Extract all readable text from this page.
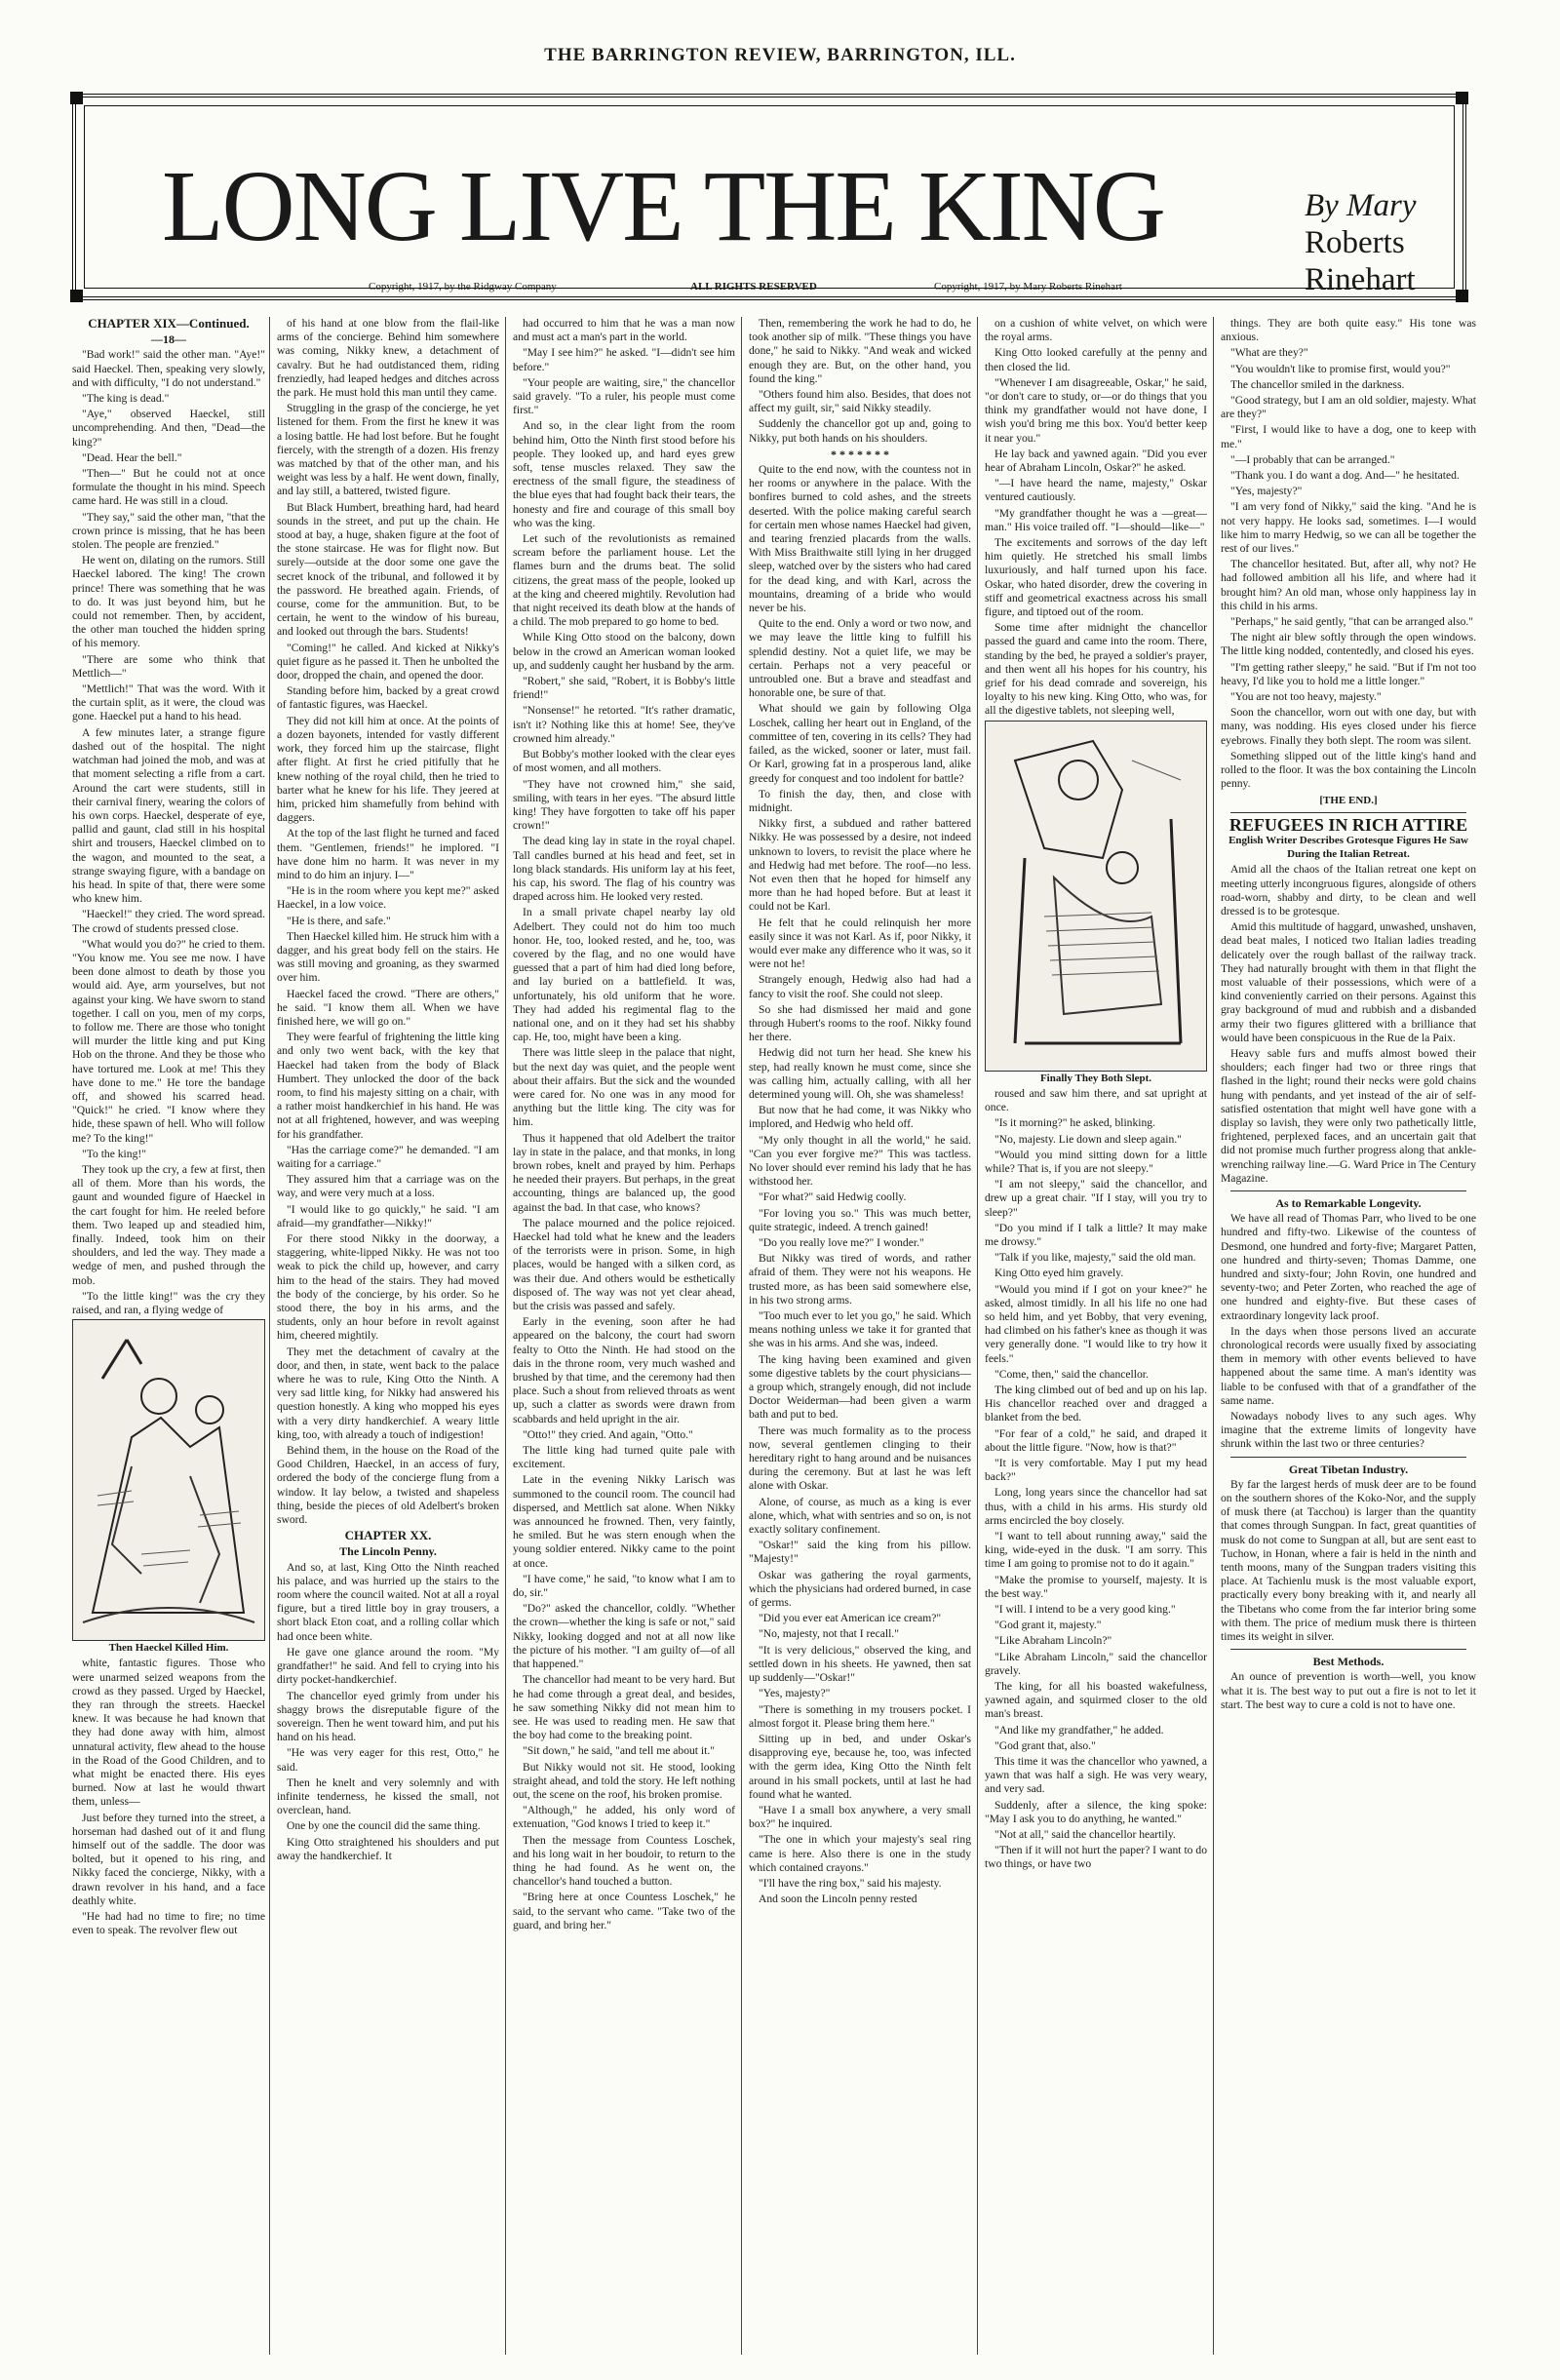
THE BARRINGTON REVIEW, BARRINGTON, ILL.
LONG LIVE THE KING	By Mary
Roberts Rinehart
Copyright, 1917, by the Ridgway Company	ALL RIGHTS RESERVED	Copyright, 1917, by Mary Roberts Rinehart

CHAPTER XIX—Continued.

—18—

"Bad work!" said the other man. "Aye!" said Haeckel. Then, speaking very slowly, and with difficulty, "I do not understand."

"The king is dead."

"Aye," observed Haeckel, still uncomprehending. And then, "Dead—the king?"

"Dead. Hear the bell."

"Then—" But he could not at once formulate the thought in his mind. Speech came hard. He was still in a cloud.

"They say," said the other man, "that the crown prince is missing, that he has been stolen. The people are frenzied."

He went on, dilating on the rumors. Still Haeckel labored. The king! The crown prince! There was something that he was to do. It was just beyond him, but he could not remember. Then, by accident, the other man touched the hidden spring of his memory.

"There are some who think that Mettlich—"

"Mettlich!" That was the word. With it the curtain split, as it were, the cloud was gone. Haeckel put a hand to his head.

A few minutes later, a strange figure dashed out of the hospital. The night watchman had joined the mob, and was at that moment selecting a rifle from a cart. Around the cart were students, still in their carnival finery, wearing the colors of his own corps. Haeckel, desperate of eye, pallid and gaunt, clad still in his hospital shirt and trousers, Haeckel climbed on to the wagon, and mounted to the seat, a strange swaying figure, with a bandage on his head. In spite of that, there were some who knew him.

"Haeckel!" they cried. The word spread. The crowd of students pressed close.

"What would you do?" he cried to them. "You know me. You see me now. I have been done almost to death by those you would aid. Aye, arm yourselves, but not against your king. We have sworn to stand together. I call on you, men of my corps, to follow me. There are those who tonight will murder the little king and put King Hob on the throne. And they be those who have tortured me. Look at me! This they have done to me." He tore the bandage off, and showed his scarred head. "Quick!" he cried. "I know where they hide, these spawn of hell. Who will follow me? To the king!"

"To the king!"

They took up the cry, a few at first, then all of them. More than his words, the gaunt and wounded figure of Haeckel in the cart fought for him. He reeled before them. Two leaped up and steadied him, finally. Indeed, took him on their shoulders, and led the way. They made a wedge of men, and pushed through the mob.

"To the little king!" was the cry they raised, and ran, a flying wedge of

Then Haeckel Killed Him.

white, fantastic figures. Those who were unarmed seized weapons from the crowd as they passed. Urged by Haeckel, they ran through the streets. Haeckel knew. It was because he had known that they had done away with him, almost unnatural activity, flew ahead to the house in the Road of the Good Children, and to what might be enacted there. His eyes burned. Now at last he would thwart them, unless—

Just before they turned into the street, a horseman had dashed out of it and flung himself out of the saddle. The door was bolted, but it opened to his ring, and Nikky faced the concierge, Nikky, with a drawn revolver in his hand, and a face deathly white.

"He had had no time to fire; no time even to speak. The revolver flew out

of his hand at one blow from the flail-like arms of the concierge. Behind him somewhere was coming, Nikky knew, a detachment of cavalry. But he had outdistanced them, riding frenziedly, had leaped hedges and ditches across the park. He must hold this man until they came.

Struggling in the grasp of the concierge, he yet listened for them. From the first he knew it was a losing battle. He had lost before. But he fought fiercely, with the strength of a dozen. His frenzy was matched by that of the other man, and his weight was less by a half. He went down, finally, and lay still, a battered, twisted figure.

But Black Humbert, breathing hard, had heard sounds in the street, and put up the chain. He stood at bay, a huge, shaken figure at the foot of the stone staircase. He was for flight now. But surely—outside at the door some one gave the secret knock of the tribunal, and followed it by the password. He breathed again. Friends, of course, come for the ammunition. But, to be certain, he went to the window of his bureau, and looked out through the bars. Students!

"Coming!" he called. And kicked at Nikky's quiet figure as he passed it. Then he unbolted the door, dropped the chain, and opened the door.

Standing before him, backed by a great crowd of fantastic figures, was Haeckel.

They did not kill him at once. At the points of a dozen bayonets, intended for vastly different work, they forced him up the staircase, flight after flight. At first he cried pitifully that he knew nothing of the royal child, then he tried to barter what he knew for his life. They jeered at him, pricked him shamefully from behind with daggers.

At the top of the last flight he turned and faced them. "Gentlemen, friends!" he implored. "I have done him no harm. It was never in my mind to do him an injury. I—"

"He is in the room where you kept me?" asked Haeckel, in a low voice.

"He is there, and safe."

Then Haeckel killed him. He struck him with a dagger, and his great body fell on the stairs. He was still moving and groaning, as they swarmed over him.

Haeckel faced the crowd. "There are others," he said. "I know them all. When we have finished here, we will go on."

They were fearful of frightening the little king and only two went back, with the key that Haeckel had taken from the body of Black Humbert. They unlocked the door of the back room, to find his majesty sitting on a chair, with a rather moist handkerchief in his hand. He was not at all frightened, however, and was weeping for his grandfather.

"Has the carriage come?" he demanded. "I am waiting for a carriage."

They assured him that a carriage was on the way, and were very much at a loss.

"I would like to go quickly," he said. "I am afraid—my grandfather—Nikky!"

For there stood Nikky in the doorway, a staggering, white-lipped Nikky. He was not too weak to pick the child up, however, and carry him to the head of the stairs. They had moved the body of the concierge, by his order. So he stood there, the boy in his arms, and the students, only an hour before in revolt against him, cheered mightily.

They met the detachment of cavalry at the door, and then, in state, went back to the palace where he was to rule, King Otto the Ninth. A very sad little king, for Nikky had answered his question honestly. A king who mopped his eyes with a very dirty handkerchief. A weary little king, too, with already a touch of indigestion!

Behind them, in the house on the Road of the Good Children, Haeckel, in an access of fury, ordered the body of the concierge flung from a window. It lay below, a twisted and shapeless thing, beside the pieces of old Adelbert's broken sword.

CHAPTER XX.

The Lincoln Penny.

And so, at last, King Otto the Ninth reached his palace, and was hurried up the stairs to the room where the council waited. Not at all a royal figure, but a tired little boy in gray trousers, a short black Eton coat, and a rolling collar which had once been white.

He gave one glance around the room. "My grandfather!" he said. And fell to crying into his dirty pocket-handkerchief.

The chancellor eyed grimly from under his shaggy brows the disreputable figure of the sovereign. Then he went toward him, and put his hand on his head.

"He was very eager for this rest, Otto," he said.

Then he knelt and very solemnly and with infinite tenderness, he kissed the small, not overclean, hand.

One by one the council did the same thing.

King Otto straightened his shoulders and put away the handkerchief. It

had occurred to him that he was a man now and must act a man's part in the world.

"May I see him?" he asked. "I—didn't see him before."

"Your people are waiting, sire," the chancellor said gravely. "To a ruler, his people must come first."

And so, in the clear light from the room behind him, Otto the Ninth first stood before his people. They looked up, and hard eyes grew soft, tense muscles relaxed. They saw the erectness of the small figure, the steadiness of the blue eyes that had fought back their tears, the honesty and fire and courage of this small boy who was the king.

Let such of the revolutionists as remained scream before the parliament house. Let the flames burn and the drums beat. The solid citizens, the great mass of the people, looked up at the king and cheered mightily. Revolution had that night received its death blow at the hands of a child. The mob prepared to go home to bed.

While King Otto stood on the balcony, down below in the crowd an American woman looked up, and suddenly caught her husband by the arm.

"Robert," she said, "Robert, it is Bobby's little friend!"

"Nonsense!" he retorted. "It's rather dramatic, isn't it? Nothing like this at home! See, they've crowned him already."

But Bobby's mother looked with the clear eyes of most women, and all mothers.

"They have not crowned him," she said, smiling, with tears in her eyes. "The absurd little king! They have forgotten to take off his paper crown!"

The dead king lay in state in the royal chapel. Tall candles burned at his head and feet, set in long black standards. His uniform lay at his feet, his cap, his sword. The flag of his country was draped across him. He looked very rested.

In a small private chapel nearby lay old Adelbert. They could not do him too much honor. He, too, looked rested, and he, too, was covered by the flag, and no one would have guessed that a part of him had died long before, and lay buried on a battlefield. It was, unfortunately, his old uniform that he wore. They had added his regimental flag to the national one, and on it they had set his shabby cap. He, too, might have been a king.

There was little sleep in the palace that night, but the next day was quiet, and the people went about their affairs. But the sick and the wounded were cared for. No one was in any mood for anything but the little king. The city was for him.

Thus it happened that old Adelbert the traitor lay in state in the palace, and that monks, in long brown robes, knelt and prayed by him. Perhaps he needed their prayers. But perhaps, in the great accounting, things are balanced up, the good against the bad. In that case, who knows?

The palace mourned and the police rejoiced. Haeckel had told what he knew and the leaders of the terrorists were in prison. Some, in high places, would be hanged with a silken cord, as was their due. And others would be esthetically disposed of. The way was not yet clear ahead, but the crisis was passed and safely.

Early in the evening, soon after he had appeared on the balcony, the court had sworn fealty to Otto the Ninth. He had stood on the dais in the throne room, very much washed and brushed by that time, and the ceremony had then place. Such a shout from relieved throats as went up, such a clatter as swords were drawn from scabbards and held upright in the air.

"Otto!" they cried. And again, "Otto."

The little king had turned quite pale with excitement.

Late in the evening Nikky Larisch was summoned to the council room. The council had dispersed, and Mettlich sat alone. When Nikky was announced he frowned. Then, very faintly, he smiled. But he was stern enough when the young soldier entered. Nikky came to the point at once.

"I have come," he said, "to know what I am to do, sir."

"Do?" asked the chancellor, coldly. "Whether the crown—whether the king is safe or not," said Nikky, looking dogged and not at all now like the picture of his mother. "I am guilty of—of all that happened."

The chancellor had meant to be very hard. But he had come through a great deal, and besides, he saw something Nikky did not mean him to see. He was used to reading men. He saw that the boy had come to the breaking point.

"Sit down," he said, "and tell me about it."

But Nikky would not sit. He stood, looking straight ahead, and told the story. He left nothing out, the scene on the roof, his broken promise.

"Although," he added, his only word of extenuation, "God knows I tried to keep it."

Then the message from Countess Loschek, and his long wait in her boudoir, to return to the thing he had found. As he went on, the chancellor's hand touched a button.

"Bring here at once Countess Loschek," he said, to the servant who came. "Take two of the guard, and bring her."

Then, remembering the work he had to do, he took another sip of milk. "These things you have done," he said to Nikky. "And weak and wicked enough they are. But, on the other hand, you found the king."

"Others found him also. Besides, that does not affect my guilt, sir," said Nikky steadily.

Suddenly the chancellor got up and, going to Nikky, put both hands on his shoulders.

* * * * * * *

Quite to the end now, with the countess not in her rooms or anywhere in the palace. With the bonfires burned to cold ashes, and the streets deserted. With the police making careful search for certain men whose names Haeckel had given, and tearing frenzied placards from the walls. With Miss Braithwaite still lying in her drugged sleep, watched over by the sisters who had cared for the dead king, and with Karl, across the mountains, dreaming of a bride who would never be his.

Quite to the end. Only a word or two now, and we may leave the little king to fulfill his splendid destiny. Not a quiet life, we may be certain. Perhaps not a very peaceful or untroubled one. But a brave and steadfast and honorable one, be sure of that.

What should we gain by following Olga Loschek, calling her heart out in England, of the committee of ten, covering in its cells? They had failed, as the wicked, sooner or later, must fail. Or Karl, growing fat in a prosperous land, alike greedy for conquest and too indolent for battle?

To finish the day, then, and close with midnight.

Nikky first, a subdued and rather battered Nikky. He was possessed by a desire, not indeed unknown to lovers, to revisit the place where he and Hedwig had met before. The roof—no less. Not even then that he hoped for himself any more than he had hoped before. But at least it could not be Karl.

He felt that he could relinquish her more easily since it was not Karl. As if, poor Nikky, it would ever make any difference who it was, so it were not he!

Strangely enough, Hedwig also had had a fancy to visit the roof. She could not sleep.

So she had dismissed her maid and gone through Hubert's rooms to the roof. Nikky found her there.

Hedwig did not turn her head. She knew his step, had really known he must come, since she was calling him, actually calling, with all her determined young will. Oh, she was shameless!

But now that he had come, it was Nikky who implored, and Hedwig who held off.

"My only thought in all the world," he said. "Can you ever forgive me?" This was tactless. No lover should ever remind his lady that he has withstood her.

"For what?" said Hedwig coolly.

"For loving you so." This was much better, quite strategic, indeed. A trench gained!

"Do you really love me?" I wonder."

But Nikky was tired of words, and rather afraid of them. They were not his weapons. He trusted more, as has been said somewhere else, in his two strong arms.

"Too much ever to let you go," he said. Which means nothing unless we take it for granted that she was in his arms. And she was, indeed.

The king having been examined and given some digestive tablets by the court physicians—a group which, strangely enough, did not include Doctor Weiderman—had been given a warm bath and put to bed.

There was much formality as to the process now, several gentlemen clinging to their hereditary right to hang around and be nuisances during the ceremony. But at last he was left alone with Oskar.

Alone, of course, as much as a king is ever alone, which, what with sentries and so on, is not exactly solitary confinement.

"Oskar!" said the king from his pillow. "Majesty!"

Oskar was gathering the royal garments, which the physicians had ordered burned, in case of germs.

"Did you ever eat American ice cream?"

"No, majesty, not that I recall."

"It is very delicious," observed the king, and settled down in his sheets. He yawned, then sat up suddenly—"Oskar!"

"Yes, majesty?"

"There is something in my trousers pocket. I almost forgot it. Please bring them here."

Sitting up in bed, and under Oskar's disapproving eye, because he, too, was infected with the germ idea, King Otto the Ninth felt around in his small pockets, until at last he had found what he wanted.

"Have I a small box anywhere, a very small box?" he inquired.

"The one in which your majesty's seal ring came is here. Also there is one in the study which contained crayons."

"I'll have the ring box," said his majesty.

And soon the Lincoln penny rested

on a cushion of white velvet, on which were the royal arms.

King Otto looked carefully at the penny and then closed the lid.

"Whenever I am disagreeable, Oskar," he said, "or don't care to study, or—or do things that you think my grandfather would not have done, I wish you'd bring me this box. You'd better keep it near you."

He lay back and yawned again. "Did you ever hear of Abraham Lincoln, Oskar?" he asked.

"—I have heard the name, majesty," Oskar ventured cautiously.

"My grandfather thought he was a —great—man." His voice trailed off. "I—should—like—"

The excitements and sorrows of the day left him quietly. He stretched his small limbs luxuriously, and half turned upon his face. Oskar, who hated disorder, drew the covering in stiff and geometrical exactness across his small figure, and tiptoed out of the room.

Some time after midnight the chancellor passed the guard and came into the room. There, standing by the bed, he prayed a soldier's prayer, and then went all his hopes for his country, his grief for his dead comrade and sovereign, his loyalty to his new king. King Otto, who was, for all the digestive tablets, not sleeping well,

Finally They Both Slept.

roused and saw him there, and sat upright at once.

"Is it morning?" he asked, blinking.

"No, majesty. Lie down and sleep again."

"Would you mind sitting down for a little while? That is, if you are not sleepy."

"I am not sleepy," said the chancellor, and drew up a great chair. "If I stay, will you try to sleep?"

"Do you mind if I talk a little? It may make me drowsy."

"Talk if you like, majesty," said the old man.

King Otto eyed him gravely.

"Would you mind if I got on your knee?" he asked, almost timidly. In all his life no one had so held him, and yet Bobby, that very evening, had climbed on his father's knee as though it was very generally done. "I would like to try how it feels."

"Come, then," said the chancellor.

The king climbed out of bed and up on his lap. His chancellor reached over and dragged a blanket from the bed.

"For fear of a cold," he said, and draped it about the little figure. "Now, how is that?"

"It is very comfortable. May I put my head back?"

Long, long years since the chancellor had sat thus, with a child in his arms. His sturdy old arms encircled the boy closely.

"I want to tell about running away," said the king, wide-eyed in the dusk. "I am sorry. This time I am going to promise not to do it again."

"Make the promise to yourself, majesty. It is the best way."

"I will. I intend to be a very good king."

"God grant it, majesty."

"Like Abraham Lincoln?"

"Like Abraham Lincoln," said the chancellor gravely.

The king, for all his boasted wakefulness, yawned again, and squirmed closer to the old man's breast.

"And like my grandfather," he added.

"God grant that, also."

This time it was the chancellor who yawned, a yawn that was half a sigh. He was very weary, and very sad.

Suddenly, after a silence, the king spoke: "May I ask you to do anything, he wanted."

"Not at all," said the chancellor heartily.

"Then if it will not hurt the paper? I want to do two things, or have two

things. They are both quite easy." His tone was anxious.

"What are they?"

"You wouldn't like to promise first, would you?"

The chancellor smiled in the darkness.

"Good strategy, but I am an old soldier, majesty. What are they?"

"First, I would like to have a dog, one to keep with me."

"—I probably that can be arranged."

"Thank you. I do want a dog. And—" he hesitated.

"Yes, majesty?"

"I am very fond of Nikky," said the king. "And he is not very happy. He looks sad, sometimes. I—I would like him to marry Hedwig, so we can all be together the rest of our lives."

The chancellor hesitated. But, after all, why not? He had followed ambition all his life, and where had it brought him? An old man, whose only happiness lay in this child in his arms.

"Perhaps," he said gently, "that can be arranged also."

The night air blew softly through the open windows. The little king nodded, contentedly, and closed his eyes.

"I'm getting rather sleepy," he said. "But if I'm not too heavy, I'd like you to hold me a little longer."

"You are not too heavy, majesty."

Soon the chancellor, worn out with one day, but with many, was nodding. His eyes closed under his fierce eyebrows. Finally they both slept. The room was silent.

Something slipped out of the little king's hand and rolled to the floor. It was the box containing the Lincoln penny.

[THE END.]

REFUGEES IN RICH ATTIRE

English Writer Describes Grotesque Figures He Saw During the Italian Retreat.

Amid all the chaos of the Italian retreat one kept on meeting utterly incongruous figures, alongside of others road-worn, shabby and dirty, to be clean and well dressed is to be grotesque.

Amid this multitude of haggard, unwashed, unshaven, dead beat males, I noticed two Italian ladies treading delicately over the rough ballast of the railway track. They had naturally brought with them in that flight the most valuable of their possessions, which were of a kind conveniently carried on their persons. Against this gray background of mud and rubbish and a disbanded army their two figures glittered with a brilliance that would have been conspicuous in the Rue de la Paix.

Heavy sable furs and muffs almost bowed their shoulders; each finger had two or three rings that flashed in the light; round their necks were gold chains hung with pendants, and yet instead of the air of self-satisfied ostentation that might well have gone with a display so lavish, they were only two pathetically little, frightened, perplexed faces, and an uncertain gait that did not promise much further progress along that ankle-wrenching railway line.—G. Ward Price in The Century Magazine.

As to Remarkable Longevity.

We have all read of Thomas Parr, who lived to be one hundred and fifty-two. Likewise of the countess of Desmond, one hundred and forty-five; Margaret Patten, one hundred and thirty-seven; Thomas Damme, one hundred and sixty-four; John Rovin, one hundred and seventy-two; and Peter Zorten, who reached the age of one hundred and eighty-five. But these cases of extraordinary longevity lack proof.

In the days when those persons lived an accurate chronological records were usually fixed by associating them in memory with other events believed to have happened about the same time. A man's identity was liable to be confused with that of a grandfather of the same name.

Nowadays nobody lives to any such ages. Why imagine that the extreme limits of longevity have shrunk within the last two or three centuries?

Great Tibetan Industry.

By far the largest herds of musk deer are to be found on the southern shores of the Koko-Nor, and the supply of musk there (at Tacchou) is larger than the quantity that comes through Sungpan. In fact, great quantities of musk do not come to Sungpan at all, but are sent east to Tuchow, in Honan, where a fair is held in the ninth and tenth moons, many of the Sungpan traders visiting this place. At Tachienlu musk is the most valuable export, practically every bony breaking with it, and nearly all the Tibetans who come from the far interior bring some with them. The price of medium musk there is thirteen times its weight in silver.

Best Methods.

An ounce of prevention is worth—well, you know what it is. The best way to put out a fire is not to let it start. The best way to cure a cold is not to have one.
